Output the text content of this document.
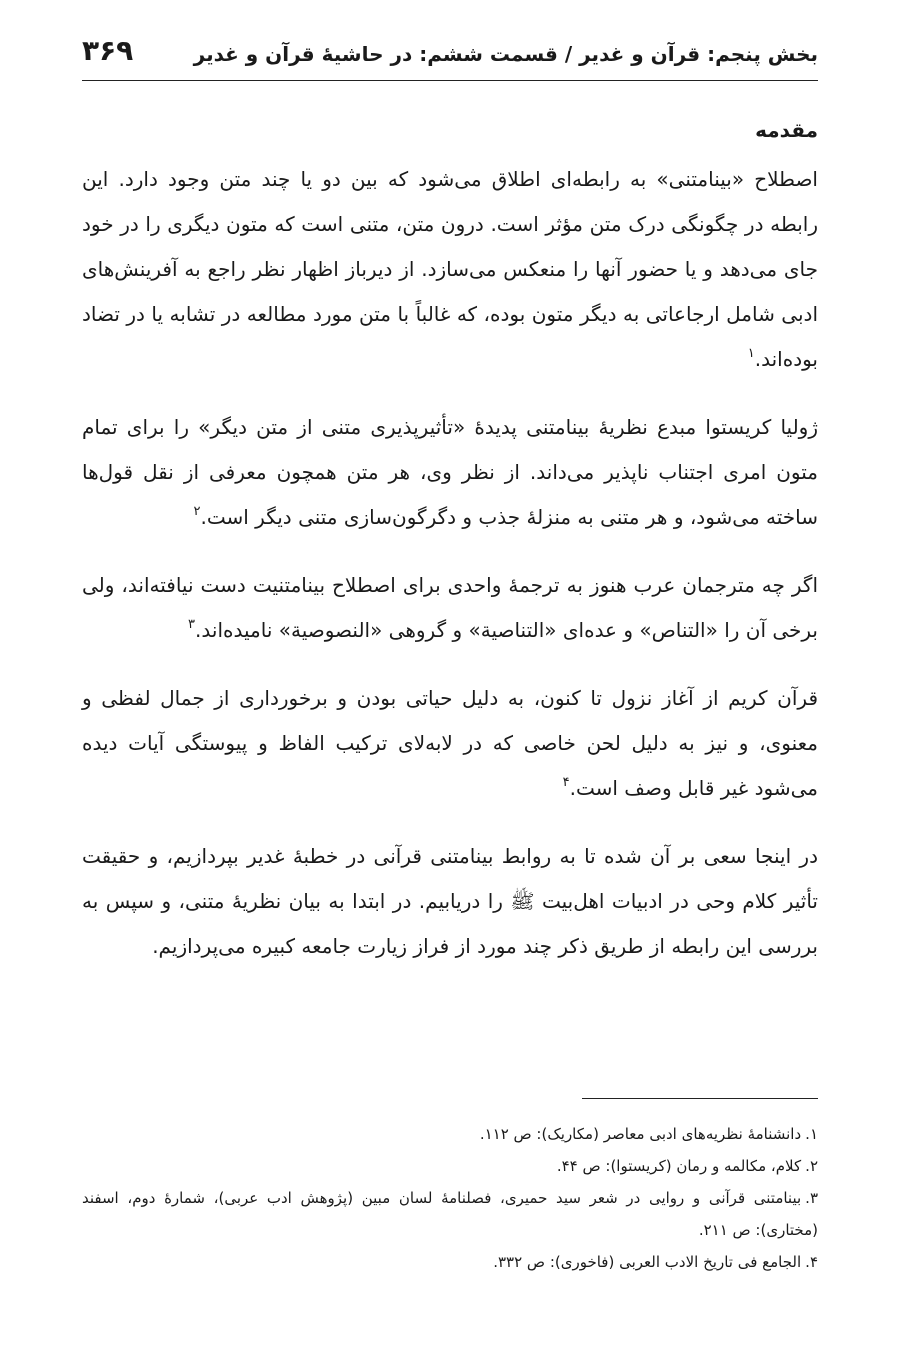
بخش پنجم: قرآن و غدیر / قسمت ششم: در حاشیهٔ قرآن و غدیر
۳۶۹
مقدمه

اصطلاح «بینامتنی» به رابطه‌ای اطلاق می‌شود که بین دو یا چند متن وجود دارد. این رابطه در چگونگی درک متن مؤثر است. درون متن، متنی است که متون دیگری را در خود جای می‌دهد و یا حضور آنها را منعکس می‌سازد. از دیرباز اظهار نظر راجع به آفرینش‌های ادبی شامل ارجاعاتی به دیگر متون بوده، که غالباً با متن مورد مطالعه در تشابه یا در تضاد بوده‌اند.$^۱$

ژولیا کریستوا مبدع نظریهٔ بینامتنی پدیدهٔ «تأثیرپذیری متنی از متن دیگر» را برای تمام متون امری اجتناب ناپذیر می‌داند. از نظر وی، هر متن همچون معرفی از نقل قول‌ها ساخته می‌شود، و هر متنی به منزلهٔ جذب و دگرگون‌سازی متنی دیگر است.$^۲$

اگر چه مترجمان عرب هنوز به ترجمهٔ واحدی برای اصطلاح بینامتنیت دست نیافته‌اند، ولی برخی آن را «التناص» و عده‌ای «التناصیة» و گروهی «النصوصیة» نامیده‌اند.$^۳$

قرآن کریم از آغاز نزول تا کنون، به دلیل حیاتی بودن و برخورداری از جمال لفظی و معنوی، و نیز به دلیل لحن خاصی که در لابه‌لای ترکیب الفاظ و پیوستگی آیات دیده می‌شود غیر قابل وصف است.$^۴$

در اینجا سعی بر آن شده تا به روابط بینامتنی قرآنی در خطبهٔ غدیر بپردازیم، و حقیقت تأثیر کلام وحی در ادبیات اهل‌بیت ﷺ را دریابیم. در ابتدا به بیان نظریهٔ متنی، و سپس به بررسی این رابطه از طریق ذکر چند مورد از فراز زیارت جامعه کبیره می‌پردازیم.

۱.دانشنامهٔ نظریه‌های ادبی معاصر (مکاریک): ص ۱۱۲.

۲.کلام، مکالمه و رمان (کریستوا): ص ۴۴.

۳.بینامتنی قرآنی و روایی در شعر سید حمیری، فصلنامهٔ لسان مبین (پژوهش ادب عربی)، شمارهٔ دوم، اسفند (مختاری): ص ۲۱۱.

۴.الجامع فی تاریخ الادب العربی (فاخوری): ص ۳۳۲.
